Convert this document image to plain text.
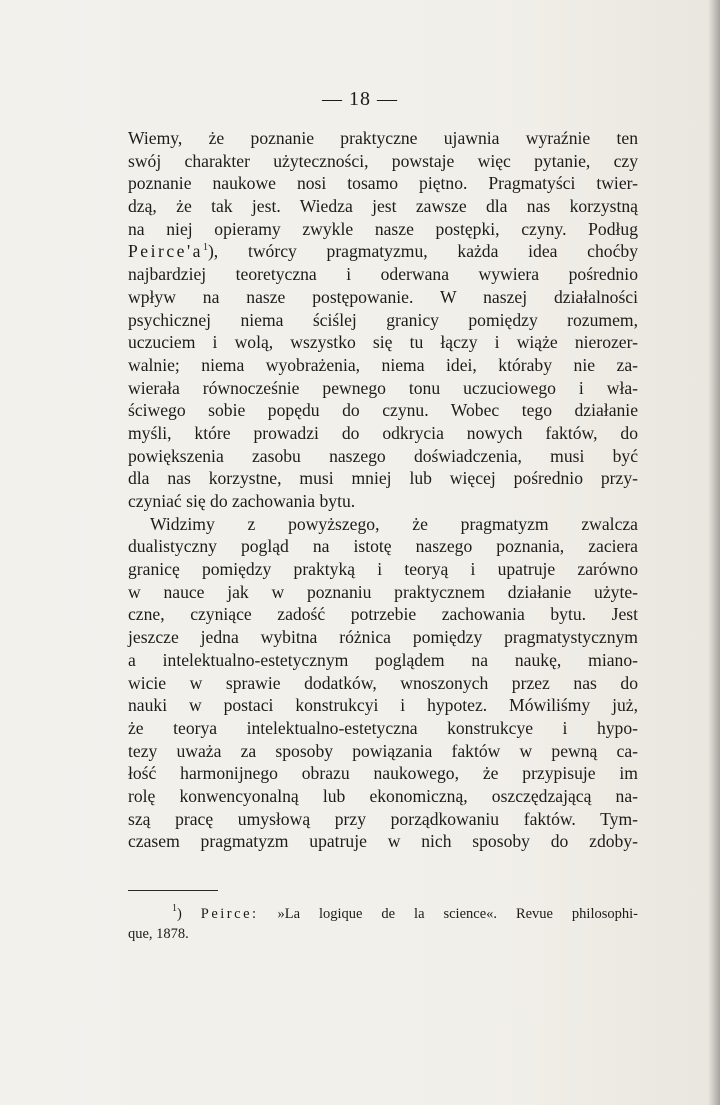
— 18 —
Wiemy, że poznanie praktyczne ujawnia wyraźnie ten
swój charakter użyteczności, powstaje więc pytanie, czy
poznanie naukowe nosi tosamo piętno. Pragmatyści twier-
dzą, że tak jest. Wiedza jest zawsze dla nas korzystną
na niej opieramy zwykle nasze postępki, czyny. Podług
$Peirce'a^1$), twórcy pragmatyzmu, każda idea choćby
najbardziej teoretyczna i oderwana wywiera pośrednio
wpływ na nasze postępowanie. W naszej działalności
psychicznej niema ściślej granicy pomiędzy rozumem,
uczuciem i wolą, wszystko się tu łączy i wiąże nierozer-
walnie; niema wyobrażenia, niema idei, któraby nie za-
wierała równocześnie pewnego tonu uczuciowego i wła-
ściwego sobie popędu do czynu. Wobec tego działanie
myśli, które prowadzi do odkrycia nowych faktów, do
powiększenia zasobu naszego doświadczenia, musi być
dla nas korzystne, musi mniej lub więcej pośrednio przy-
czyniać się do zachowania bytu.
Widzimy z powyższego, że pragmatyzm zwalcza
dualistyczny pogląd na istotę naszego poznania, zaciera
granicę pomiędzy praktyką i teoryą i upatruje zarówno
w nauce jak w poznaniu praktycznem działanie użyte-
czne, czyniące zadość potrzebie zachowania bytu. Jest
jeszcze jedna wybitna różnica pomiędzy pragmatystycznym
a intelektualno-estetycznym poglądem na naukę, miano-
wicie w sprawie dodatków, wnoszonych przez nas do
nauki w postaci konstrukcyi i hypotez. Mówiliśmy już,
że teorya intelektualno-estetyczna konstrukcye i hypo-
tezy uważa za sposoby powiązania faktów w pewną ca-
łość harmonijnego obrazu naukowego, że przypisuje im
rolę konwencyonalną lub ekonomiczną, oszczędzającą na-
szą pracę umysłową przy porządkowaniu faktów. Tym-
czasem pragmatyzm upatruje w nich sposoby do zdoby-
$^1$) Peirce: »La logique de la science«. Revue philosophi-
que, 1878.
